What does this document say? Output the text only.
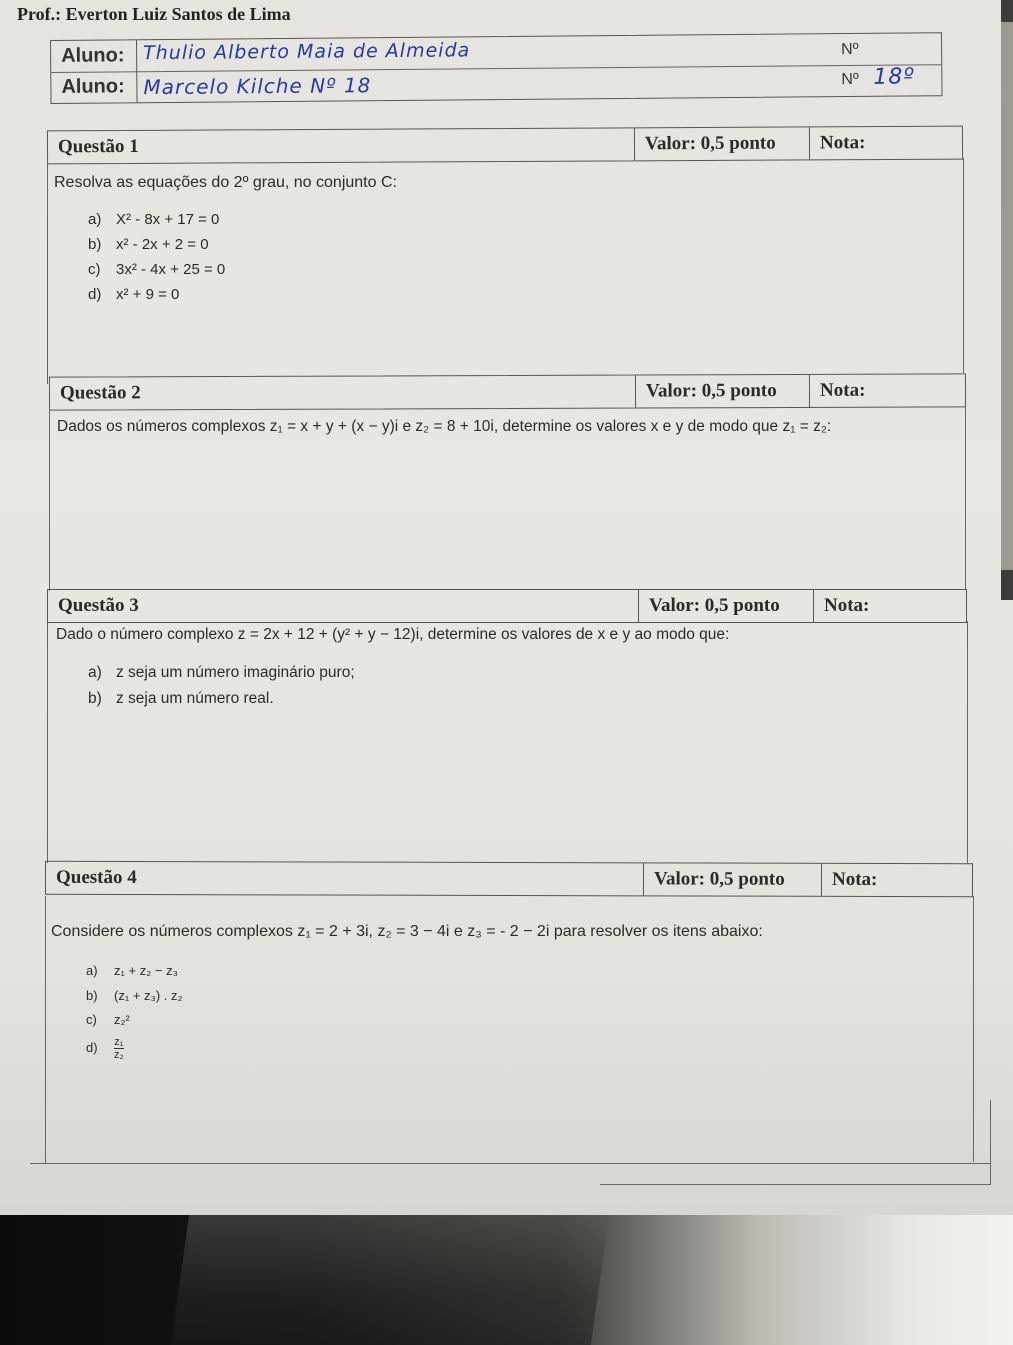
Prof.: Everton Luiz Santos de Lima
Aluno: Thulio Alberto Maia de Almeida	Nº
Aluno: Marcelo Kilche Nº 18	Nº 18º
Questão 1	Valor: 0,5 ponto	Nota:
Resolva as equações do 2º grau, no conjunto C:
a) X² - 8x + 17 = 0
b) x² - 2x + 2 = 0
c) 3x² - 4x + 25 = 0
d) x² + 9 = 0
Questão 2	Valor: 0,5 ponto	Nota:
Dados os números complexos z₁ = x + y + (x − y)i e z₂ = 8 + 10i, determine os valores x e y de modo que z₁ = z₂:
Questão 3	Valor: 0,5 ponto	Nota:
Dado o número complexo z = 2x + 12 + (y² + y − 12)i, determine os valores de x e y ao modo que:
a) z seja um número imaginário puro;
b) z seja um número real.
Questão 4	Valor: 0,5 ponto	Nota:
Considere os números complexos z₁ = 2 + 3i, z₂ = 3 − 4i e z₃ = - 2 − 2i para resolver os itens abaixo:
a) z₁ + z₂ − z₃
b) (z₁ + z₃) . z₂
c) z₂²
$d) \frac{\text{z₁}}{\text{z₂}}$
